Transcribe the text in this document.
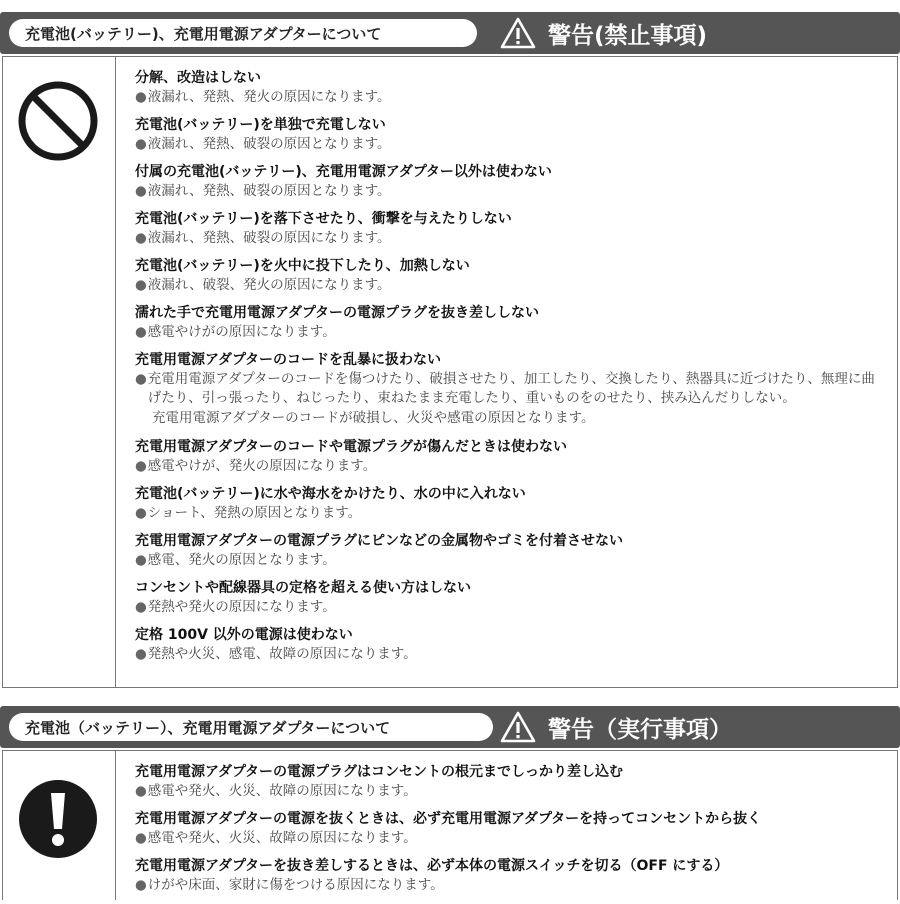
充電池(バッテリー)、充電用電源アダプターについて	警告(禁止事項)
分解、改造はしない
●液漏れ、発熱、発火の原因になります。
充電池(バッテリー)を単独で充電しない
●液漏れ、発熱、破裂の原因となります。
付属の充電池(バッテリー)、充電用電源アダプター以外は使わない
●液漏れ、発熱、破裂の原因となります。
充電池(バッテリー)を落下させたり、衝撃を与えたりしない
●液漏れ、発熱、破裂の原因になります。
充電池(バッテリー)を火中に投下したり、加熱しない
●液漏れ、破裂、発火の原因になります。
濡れた手で充電用電源アダプターの電源プラグを抜き差ししない
●感電やけがの原因になります。
充電用電源アダプターのコードを乱暴に扱わない
● 充電用電源アダプターのコードを傷つけたり、破損させたり、加工したり、交換したり、熱器具に近づけたり、無理に曲げたり、引っ張ったり、ねじったり、束ねたまま充電したり、重いものをのせたり、挟み込んだりしない。
充電用電源アダプターのコードが破損し、火災や感電の原因となります。
充電用電源アダプターのコードや電源プラグが傷んだときは使わない
●感電やけが、発火の原因になります。
充電池(バッテリー)に水や海水をかけたり、水の中に入れない
●ショート、発熱の原因となります。
充電用電源アダプターの電源プラグにピンなどの金属物やゴミを付着させない
●感電、発火の原因となります。
コンセントや配線器具の定格を超える使い方はしない
●発熱や発火の原因になります。
定格 100V 以外の電源は使わない
●発熱や火災、感電、故障の原因になります。
充電池（バッテリー）、充電用電源アダプターについて	警告（実行事項）
充電用電源アダプターの電源プラグはコンセントの根元までしっかり差し込む
●感電や発火、火災、故障の原因になります。
充電用電源アダプターの電源を抜くときは、必ず充電用電源アダプターを持ってコンセントから抜く
●感電や発火、火災、故障の原因になります。
充電用電源アダプターを抜き差しするときは、必ず本体の電源スイッチを切る（OFF にする）
●けがや床面、家財に傷をつける原因になります。
